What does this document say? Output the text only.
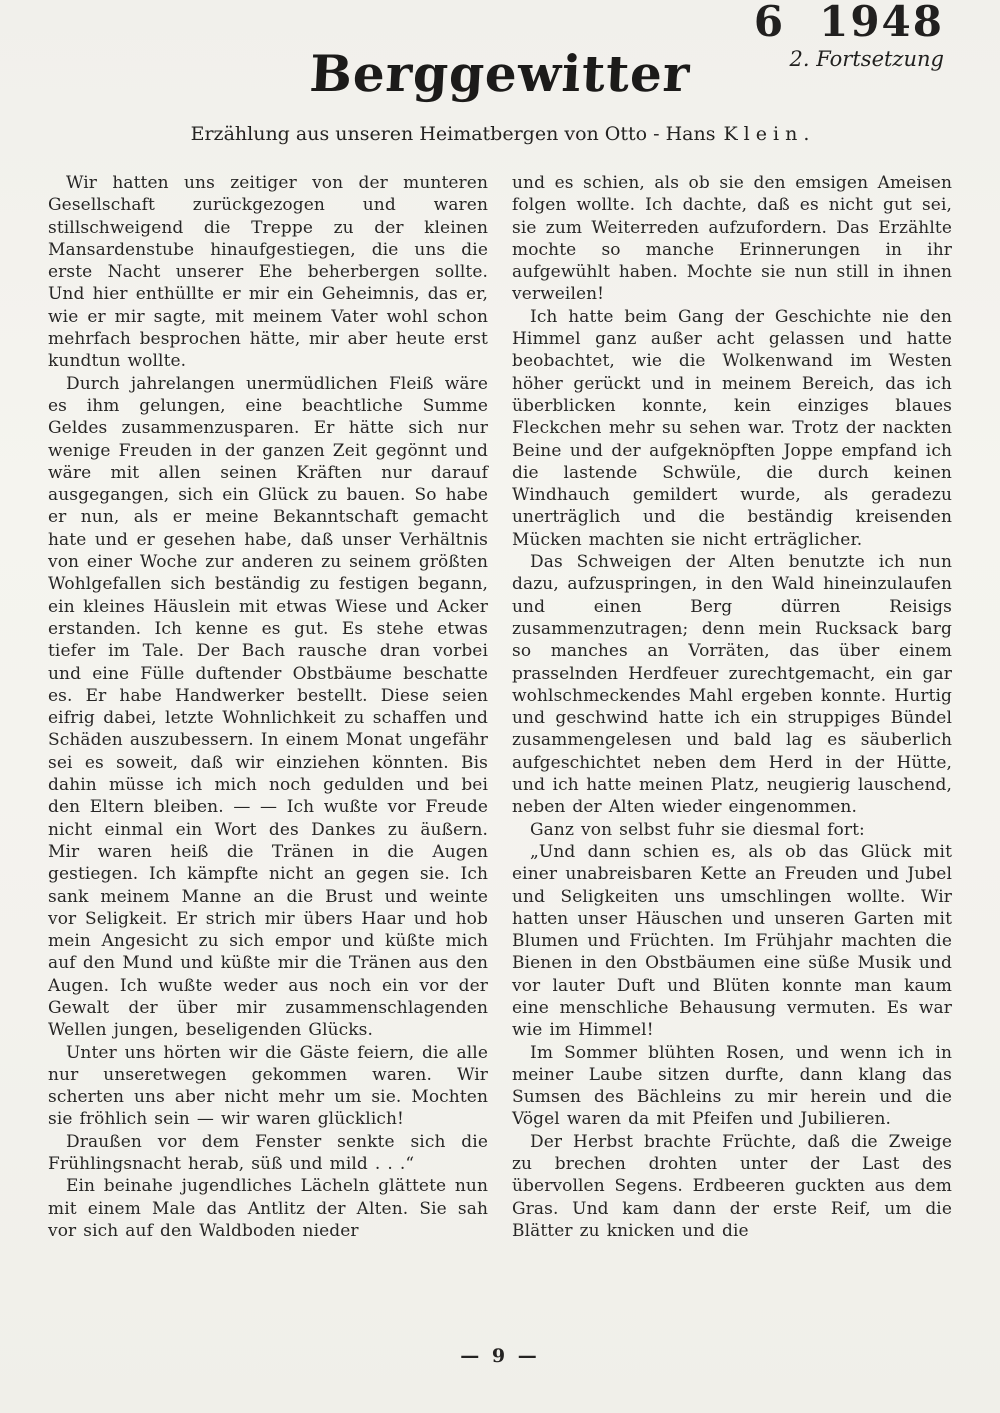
6 1948
2. Fortsetzung
Berggewitter

Erzählung aus unseren Heimatbergen von Otto - Hans Klein.

Wir hatten uns zeitiger von der munteren Gesellschaft zurückgezogen und waren stillschweigend die Treppe zu der kleinen Mansardenstube hinaufgestiegen, die uns die erste Nacht unserer Ehe beherbergen sollte. Und hier enthüllte er mir ein Geheimnis, das er, wie er mir sagte, mit meinem Vater wohl schon mehrfach besprochen hätte, mir aber heute erst kundtun wollte.

Durch jahrelangen unermüdlichen Fleiß wäre es ihm gelungen, eine beachtliche Summe Geldes zusammenzusparen. Er hätte sich nur wenige Freuden in der ganzen Zeit gegönnt und wäre mit allen seinen Kräften nur darauf ausgegangen, sich ein Glück zu bauen. So habe er nun, als er meine Bekanntschaft gemacht hate und er gesehen habe, daß unser Verhältnis von einer Woche zur anderen zu seinem größten Wohlgefallen sich beständig zu festigen begann, ein kleines Häuslein mit etwas Wiese und Acker erstanden. Ich kenne es gut. Es stehe etwas tiefer im Tale. Der Bach rausche dran vorbei und eine Fülle duftender Obstbäume beschatte es. Er habe Handwerker bestellt. Diese seien eifrig dabei, letzte Wohnlichkeit zu schaffen und Schäden auszubessern. In einem Monat ungefähr sei es soweit, daß wir einziehen könnten. Bis dahin müsse ich mich noch gedulden und bei den Eltern bleiben. — — Ich wußte vor Freude nicht einmal ein Wort des Dankes zu äußern. Mir waren heiß die Tränen in die Augen gestiegen. Ich kämpfte nicht an gegen sie. Ich sank meinem Manne an die Brust und weinte vor Seligkeit. Er strich mir übers Haar und hob mein Angesicht zu sich empor und küßte mich auf den Mund und küßte mir die Tränen aus den Augen. Ich wußte weder aus noch ein vor der Gewalt der über mir zusammenschlagenden Wellen jungen, beseligenden Glücks.

Unter uns hörten wir die Gäste feiern, die alle nur unseretwegen gekommen waren. Wir scherten uns aber nicht mehr um sie. Mochten sie fröhlich sein — wir waren glücklich!

Draußen vor dem Fenster senkte sich die Frühlingsnacht herab, süß und mild . . .“

Ein beinahe jugendliches Lächeln glättete nun mit einem Male das Antlitz der Alten. Sie sah vor sich auf den Waldboden nieder

und es schien, als ob sie den emsigen Ameisen folgen wollte. Ich dachte, daß es nicht gut sei, sie zum Weiterreden aufzufordern. Das Erzählte mochte so manche Erinnerungen in ihr aufgewühlt haben. Mochte sie nun still in ihnen verweilen!

Ich hatte beim Gang der Geschichte nie den Himmel ganz außer acht gelassen und hatte beobachtet, wie die Wolkenwand im Westen höher gerückt und in meinem Bereich, das ich überblicken konnte, kein einziges blaues Fleckchen mehr su sehen war. Trotz der nackten Beine und der aufgeknöpften Joppe empfand ich die lastende Schwüle, die durch keinen Windhauch gemildert wurde, als geradezu unerträglich und die beständig kreisenden Mücken machten sie nicht erträglicher.

Das Schweigen der Alten benutzte ich nun dazu, aufzuspringen, in den Wald hineinzulaufen und einen Berg dürren Reisigs zusammenzutragen; denn mein Rucksack barg so manches an Vorräten, das über einem prasselnden Herdfeuer zurechtgemacht, ein gar wohlschmeckendes Mahl ergeben konnte. Hurtig und geschwind hatte ich ein struppiges Bündel zusammengelesen und bald lag es säuberlich aufgeschichtet neben dem Herd in der Hütte, und ich hatte meinen Platz, neugierig lauschend, neben der Alten wieder eingenommen.

Ganz von selbst fuhr sie diesmal fort:

„Und dann schien es, als ob das Glück mit einer unabreisbaren Kette an Freuden und Jubel und Seligkeiten uns umschlingen wollte. Wir hatten unser Häuschen und unseren Garten mit Blumen und Früchten. Im Frühjahr machten die Bienen in den Obstbäumen eine süße Musik und vor lauter Duft und Blüten konnte man kaum eine menschliche Behausung vermuten. Es war wie im Himmel!

Im Sommer blühten Rosen, und wenn ich in meiner Laube sitzen durfte, dann klang das Sumsen des Bächleins zu mir herein und die Vögel waren da mit Pfeifen und Jubilieren.

Der Herbst brachte Früchte, daß die Zweige zu brechen drohten unter der Last des übervollen Segens. Erdbeeren guckten aus dem Gras. Und kam dann der erste Reif, um die Blätter zu knicken und die

— 9 —
